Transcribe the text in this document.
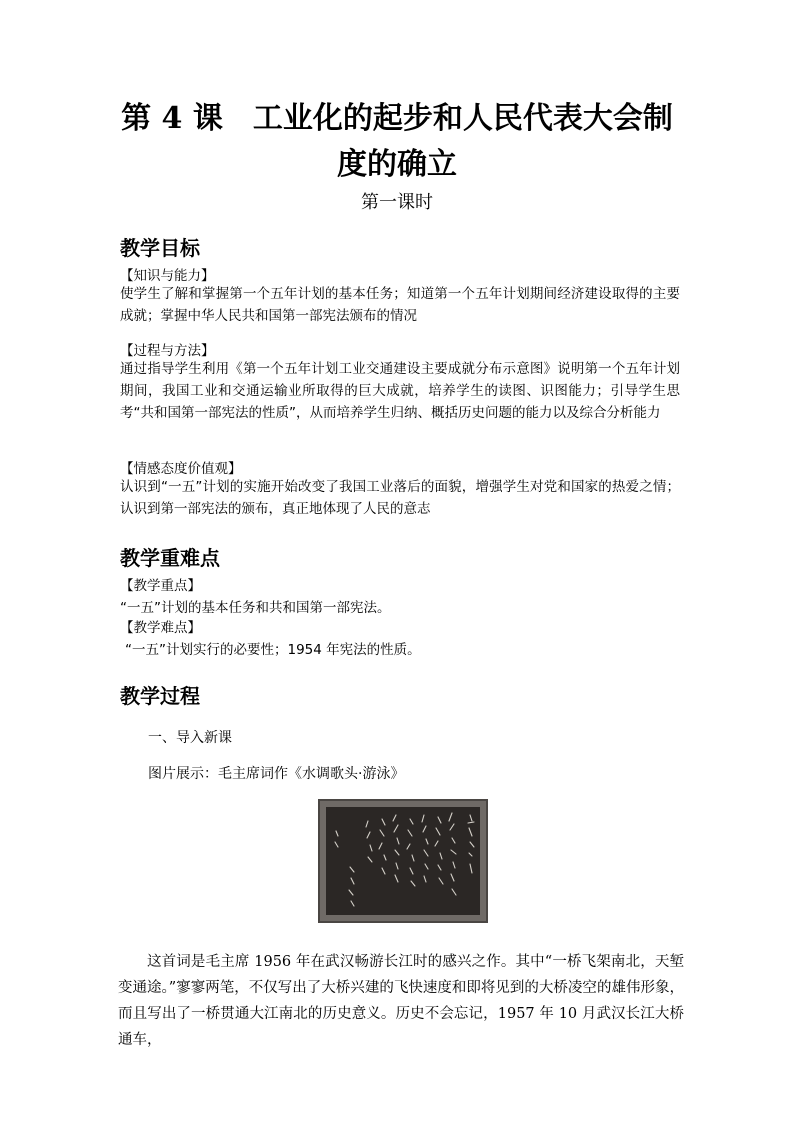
第 4 课　工业化的起步和人民代表大会制
度的确立
第一课时
教学目标
【知识与能力】
使学生了解和掌握第一个五年计划的基本任务；知道第一个五年计划期间经济建设取得的主要成就；掌握中华人民共和国第一部宪法颁布的情况
【过程与方法】
通过指导学生利用《第一个五年计划工业交通建设主要成就分布示意图》说明第一个五年计划期间，我国工业和交通运输业所取得的巨大成就，培养学生的读图、识图能力；引导学生思考“共和国第一部宪法的性质”，从而培养学生归纳、概括历史问题的能力以及综合分析能力
【情感态度价值观】
认识到“一五”计划的实施开始改变了我国工业落后的面貌，增强学生对党和国家的热爱之情；认识到第一部宪法的颁布，真正地体现了人民的意志
教学重难点
【教学重点】
“一五”计划的基本任务和共和国第一部宪法。
【教学难点】
“一五”计划实行的必要性；1954 年宪法的性质。
教学过程
一、导入新课
图片展示：毛主席词作《水调歌头·游泳》
这首词是毛主席 1956 年在武汉畅游长江时的感兴之作。其中“一桥飞架南北，天堑变通途。”寥寥两笔，不仅写出了大桥兴建的飞快速度和即将见到的大桥凌空的雄伟形象，而且写出了一桥贯通大江南北的历史意义。历史不会忘记，1957 年 10 月武汉长江大桥通车，
